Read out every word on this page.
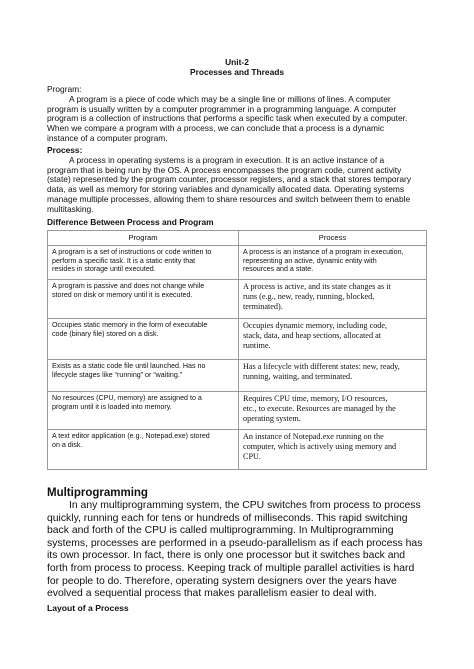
Unit-2
Processes and Threads
Program:
A program is a piece of code which may be a single line or millions of lines. A computer
program is usually written by a computer programmer in a programming language. A computer
program is a collection of instructions that performs a specific task when executed by a computer.
When we compare a program with a process, we can conclude that a process is a dynamic
instance of a computer program.
Process:
A process in operating systems is a program in execution. It is an active instance of a
program that is being run by the OS. A process encompasses the program code, current activity
(state) represented by the program counter, processor registers, and a stack that stores temporary
data, as well as memory for storing variables and dynamically allocated data. Operating systems
manage multiple processes, allowing them to share resources and switch between them to enable
multitasking.
Difference Between Process and Program
Program	Process

A program is a set of instructions or code written to
perform a specific task. It is a static entity that
resides in storage until executed.	A process is an instance of a program in execution,
representing an active, dynamic entity with
resources and a state.

A program is passive and does not change while
stored on disk or memory until it is executed.	A process is active, and its state changes as it
runs (e.g., new, ready, running, blocked,
terminated).

Occupies static memory in the form of executable
code (binary file) stored on a disk.	Occupies dynamic memory, including code,
stack, data, and heap sections, allocated at
runtime.

Exists as a static code file until launched. Has no
lifecycle stages like “running” or “waiting.”	Has a lifecycle with different states: new, ready,
running, waiting, and terminated.

No resources (CPU, memory) are assigned to a
program until it is loaded into memory.	Requires CPU time, memory, I/O resources,
etc., to execute. Resources are managed by the
operating system.

A text editor application (e.g., Notepad.exe) stored
on a disk.	An instance of Notepad.exe running on the
computer, which is actively using memory and
CPU.
Multiprogramming
In any multiprogramming system, the CPU switches from process to process
quickly, running each for tens or hundreds of milliseconds. This rapid switching
back and forth of the CPU is called multiprogramming. In Multiprogramming
systems, processes are performed in a pseudo-parallelism as if each process has
its own processor. In fact, there is only one processor but it switches back and
forth from process to process. Keeping track of multiple parallel activities is hard
for people to do. Therefore, operating system designers over the years have
evolved a sequential process that makes parallelism easier to deal with.
Layout of a Process
